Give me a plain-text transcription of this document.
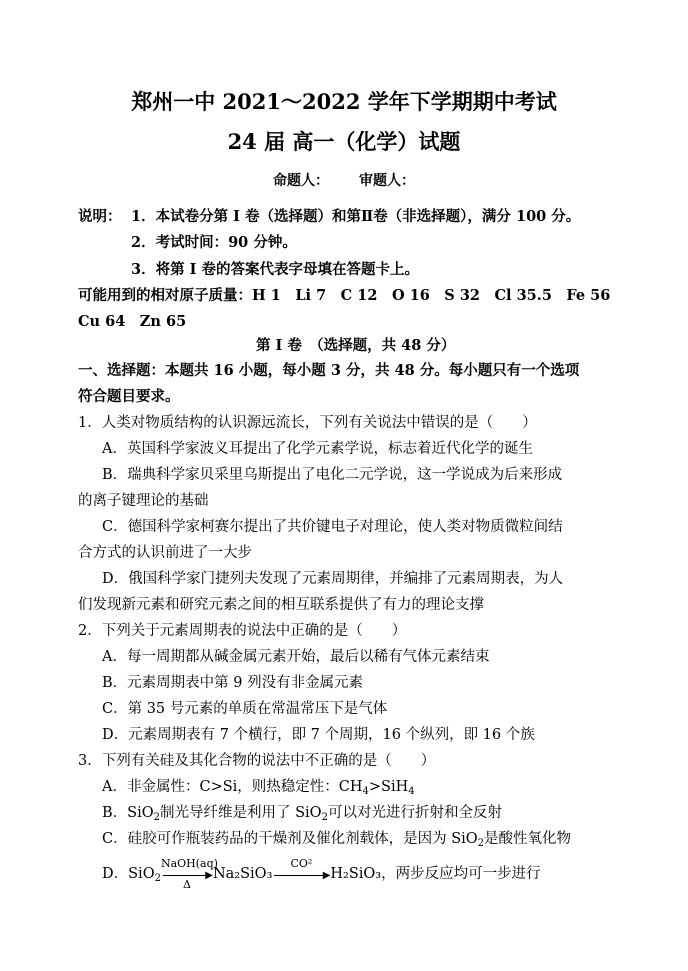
郑州一中 2021～2022 学年下学期期中考试
24 届 高一（化学）试题
命题人： 审题人：
说明： 1．本试卷分第 I 卷（选择题）和第Ⅱ卷（非选择题），满分 100 分。
2．考试时间：90 分钟。
3．将第 I 卷的答案代表字母填在答题卡上。
可能用到的相对原子质量：H 1　Li 7　C 12　O 16　S 32　Cl 35.5　Fe 56
Cu 64　Zn 65
第 I 卷　（选择题，共 48 分）
一、选择题：本题共 16 小题，每小题 3 分，共 48 分。每小题只有一个选项
符合题目要求。
1．人类对物质结构的认识源远流长，下列有关说法中错误的是（　　）
A．英国科学家波义耳提出了化学元素学说，标志着近代化学的诞生
B．瑞典科学家贝采里乌斯提出了电化二元学说，这一学说成为后来形成
的离子键理论的基础
C．德国科学家柯赛尔提出了共价键电子对理论，使人类对物质微粒间结
合方式的认识前进了一大步
D．俄国科学家门捷列夫发现了元素周期律，并编排了元素周期表，为人
们发现新元素和研究元素之间的相互联系提供了有力的理论支撑
2．下列关于元素周期表的说法中正确的是（　　）
A．每一周期都从碱金属元素开始，最后以稀有气体元素结束
B．元素周期表中第 9 列没有非金属元素
C．第 35 号元素的单质在常温常压下是气体
D．元素周期表有 7 个横行，即 7 个周期，16 个纵列，即 16 个族
3．下列有关硅及其化合物的说法中不正确的是（　　）
A．非金属性：C>Si，则热稳定性：$CH_4>SiH_4$
B．SiO$_2$制光导纤维是利用了 SiO$_2$可以对光进行折射和全反射
C．硅胶可作瓶装药品的干燥剂及催化剂载体，是因为 SiO$_2$是酸性氧化物
D．SiO$_2$
NaOH(aq)
▶
Δ
Na₂SiO₃
CO²
▶ H₂SiO₃，两步反应均可一步进行
